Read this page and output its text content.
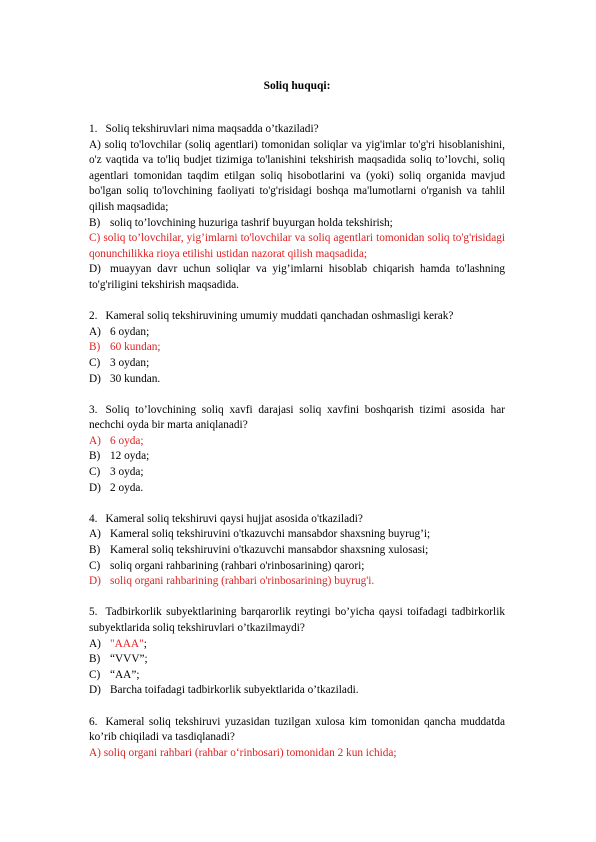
Soliq huquqi:

1. Soliq tekshiruvlari nima maqsadda o’tkaziladi?

A) soliq to'lovchilar (soliq agentlari) tomonidan soliqlar va yig'imlar to'g'ri hisoblanishini, o'z vaqtida va to'liq budjet tizimiga to'lanishini tekshirish maqsadida soliq to’lovchi, soliq agentlari tomonidan taqdim etilgan soliq hisobotlarini va (yoki) soliq organida mavjud bo'lgan soliq to'lovchining faoliyati to'g'risidagi boshqa ma'lumotlarni o'rganish va tahlil qilish maqsadida;

B) soliq to’lovchining huzuriga tashrif buyurgan holda tekshirish;

C) soliq to’lovchilar, yig’imlarni to'lovchilar va soliq agentlari tomonidan soliq to'g'risidagi qonunchilikka rioya etilishi ustidan nazorat qilish maqsadida;

D) muayyan davr uchun soliqlar va yig’imlarni hisoblab chiqarish hamda to'lashning to'g'riligini tekshirish maqsadida.

2. Kameral soliq tekshiruvining umumiy muddati qanchadan oshmasligi kerak?

A) 6 oydan;

B) 60 kundan;

C) 3 oydan;

D) 30 kundan.

3. Soliq to’lovchining soliq xavfi darajasi soliq xavfini boshqarish tizimi asosida har nechchi oyda bir marta aniqlanadi?

A) 6 oyda;

B) 12 oyda;

C) 3 oyda;

D) 2 oyda.

4. Kameral soliq tekshiruvi qaysi hujjat asosida o'tkaziladi?

A) Kameral soliq tekshiruvini o'tkazuvchi mansabdor shaxsning buyrug’i;

B) Kameral soliq tekshiruvini o'tkazuvchi mansabdor shaxsning xulosasi;

C) soliq organi rahbarining (rahbari o'rinbosarining) qarori;

D) soliq organi rahbarining (rahbari o'rinbosarining) buyrug'i.

5. Tadbirkorlik subyektlarining barqarorlik reytingi bo’yicha qaysi toifadagi tadbirkorlik subyektlarida soliq tekshiruvlari o’tkazilmaydi?

A) "AAA";

B) “VVV”;

C) “AA”;

D) Barcha toifadagi tadbirkorlik subyektlarida o’tkaziladi.

6. Kameral soliq tekshiruvi yuzasidan tuzilgan xulosa kim tomonidan qancha muddatda ko’rib chiqiladi va tasdiqlanadi?

A) soliq organi rahbari (rahbar o‘rinbosari) tomonidan 2 kun ichida;
